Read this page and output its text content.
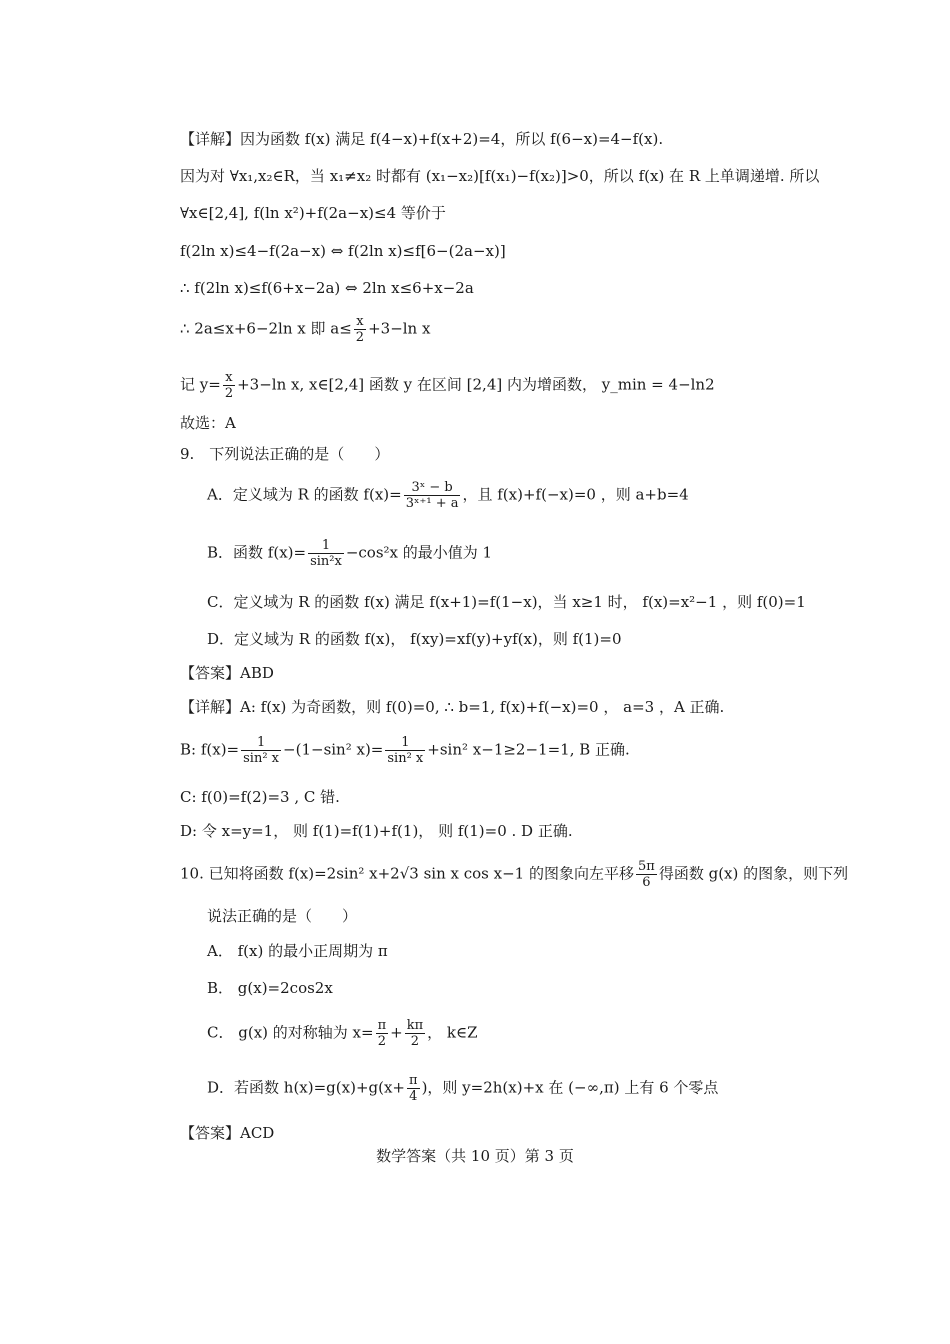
【详解】因为函数 f(x) 满足 f(4−x)+f(x+2)=4，所以 f(6−x)=4−f(x).
因为对 ∀x₁,x₂∈R，当 x₁≠x₂ 时都有 (x₁−x₂)[f(x₁)−f(x₂)]>0，所以 f(x) 在 R 上单调递增. 所以
∀x∈[2,4], f(ln x²)+f(2a−x)≤4 等价于
f(2ln x)≤4−f(2a−x) ⇔ f(2ln x)≤f[6−(2a−x)]
∴ f(2ln x)≤f(6+x−2a) ⇔ 2ln x≤6+x−2a
∴ 2a≤x+6−2ln x 即 $a\le \frac{x}{2} +3-\ln$ x
记 $y= \frac{x}{2} +3-\ln$ x, x∈[2,4] 函数 y 在区间 [2,4] 内为增函数， y_min = 4−ln2
故选：A
9.　下列说法正确的是（　　）
A．定义域为 R 的函数 $f(x)= \frac{\text{3ˣ − b}}{\text{3ˣ⁺¹ + a}}$ ，且 f(x)+f(−x)=0 ，则 a+b=4
B．函数 $f(x)= \frac{1}{\text{sin²x}} -\cos^2x$ 的最小值为 1
C．定义域为 R 的函数 f(x) 满足 f(x+1)=f(1−x)，当 x≥1 时， f(x)=x²−1 ，则 f(0)=1
D．定义域为 R 的函数 f(x)， f(xy)=xf(y)+yf(x)，则 f(1)=0
【答案】ABD
【详解】A: f(x) 为奇函数，则 f(0)=0, ∴ b=1, f(x)+f(−x)=0 ， a=3 ，A 正确.
B: $f(x)= \frac{1}{\text{sin² x}} -(1-\sin^2$ $x)= \frac{1}{\text{sin² x}} +\sin^2$ x−1≥2−1=1, B 正确.
C: f(0)=f(2)=3 , C 错.
D: 令 x=y=1， 则 f(1)=f(1)+f(1)， 则 f(1)=0 . D 正确.
10. 已知将函数 f(x)=2sin² x+2√3 sin x cos x−1 的图象向左平移 $\frac{5\pi}{6}$ 得函数 g(x) 的图象，则下列
说法正确的是（　　）
A． f(x) 的最小正周期为 π
B． g(x)=2cos2x
C． g(x) 的对称轴为 $x= \frac{\pi}{2} + \frac{k\pi}{2}$ ， k∈Z
D．若函数 $h(x)=g(x)+g(x+ \frac{\pi}{4}$ )，则 y=2h(x)+x 在 (−∞,π) 上有 6 个零点
【答案】ACD
数学答案（共 10 页）第 3 页
